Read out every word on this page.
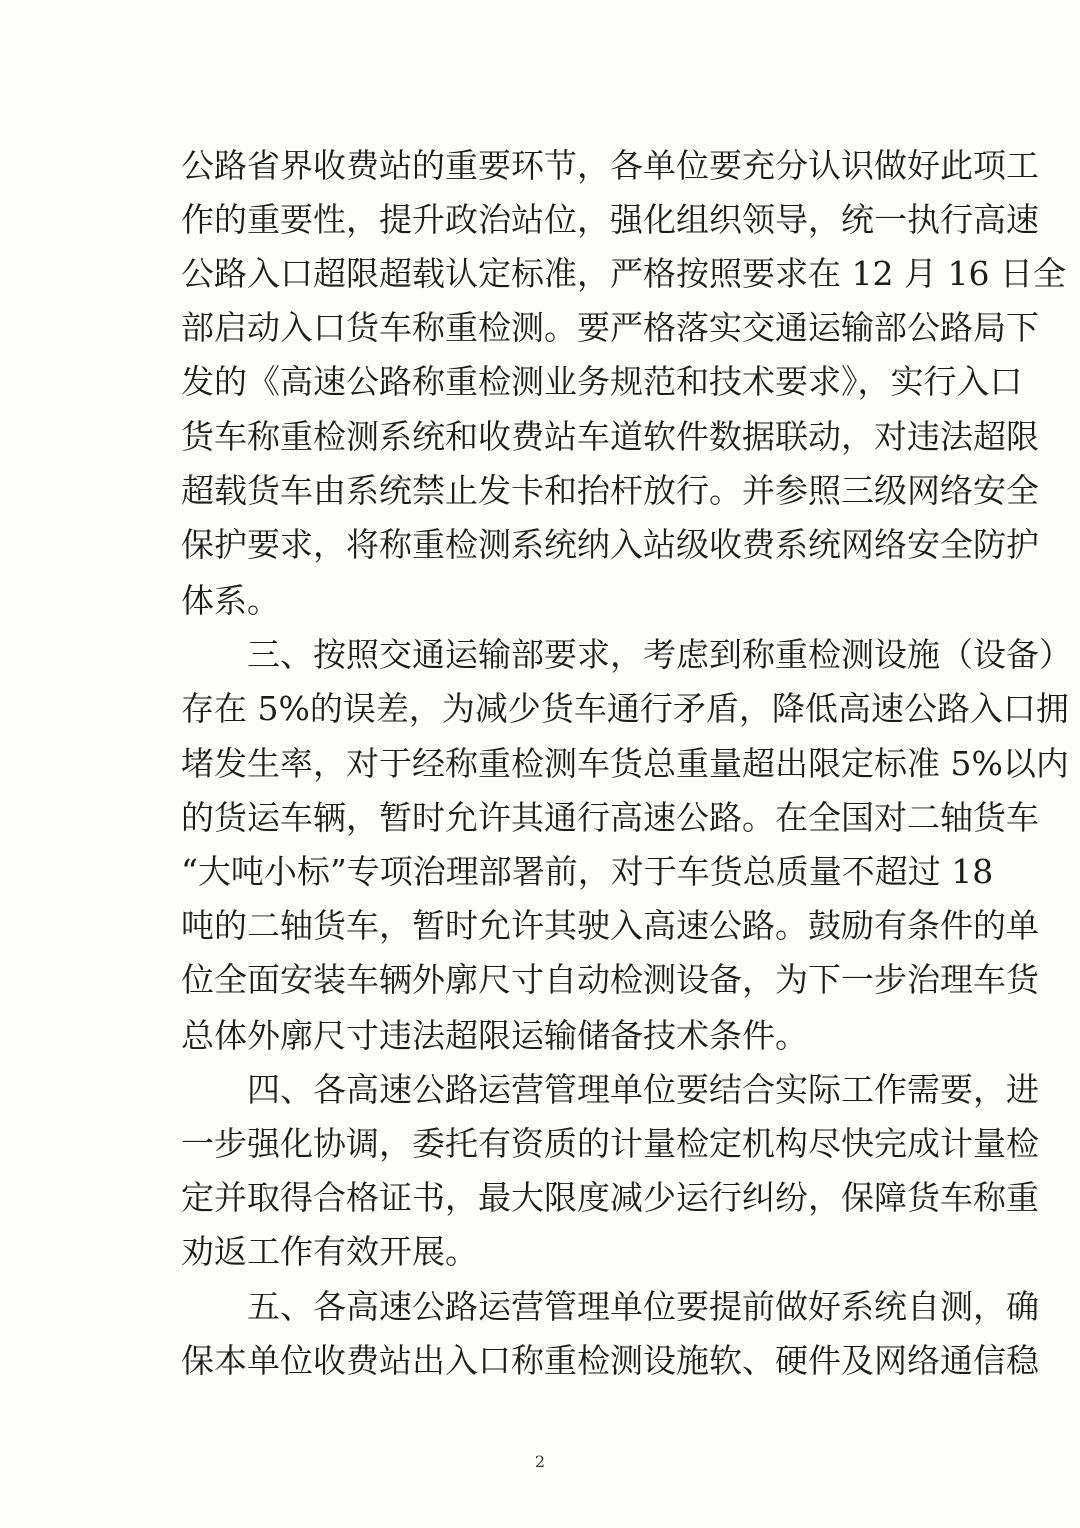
公路省界收费站的重要环节，各单位要充分认识做好此项工
作的重要性，提升政治站位，强化组织领导，统一执行高速
公路入口超限超载认定标准，严格按照要求在 12 月 16 日全
部启动入口货车称重检测。要严格落实交通运输部公路局下
发的《高速公路称重检测业务规范和技术要求》，实行入口
货车称重检测系统和收费站车道软件数据联动，对违法超限
超载货车由系统禁止发卡和抬杆放行。并参照三级网络安全
保护要求，将称重检测系统纳入站级收费系统网络安全防护
体系。
三、按照交通运输部要求，考虑到称重检测设施（设备）
存在 5%的误差，为减少货车通行矛盾，降低高速公路入口拥
堵发生率，对于经称重检测车货总重量超出限定标准 5%以内
的货运车辆，暂时允许其通行高速公路。在全国对二轴货车
“大吨小标”专项治理部署前，对于车货总质量不超过 18
吨的二轴货车，暂时允许其驶入高速公路。鼓励有条件的单
位全面安装车辆外廓尺寸自动检测设备，为下一步治理车货
总体外廓尺寸违法超限运输储备技术条件。
四、各高速公路运营管理单位要结合实际工作需要，进
一步强化协调，委托有资质的计量检定机构尽快完成计量检
定并取得合格证书，最大限度减少运行纠纷，保障货车称重
劝返工作有效开展。
五、各高速公路运营管理单位要提前做好系统自测，确
保本单位收费站出入口称重检测设施软、硬件及网络通信稳
2
